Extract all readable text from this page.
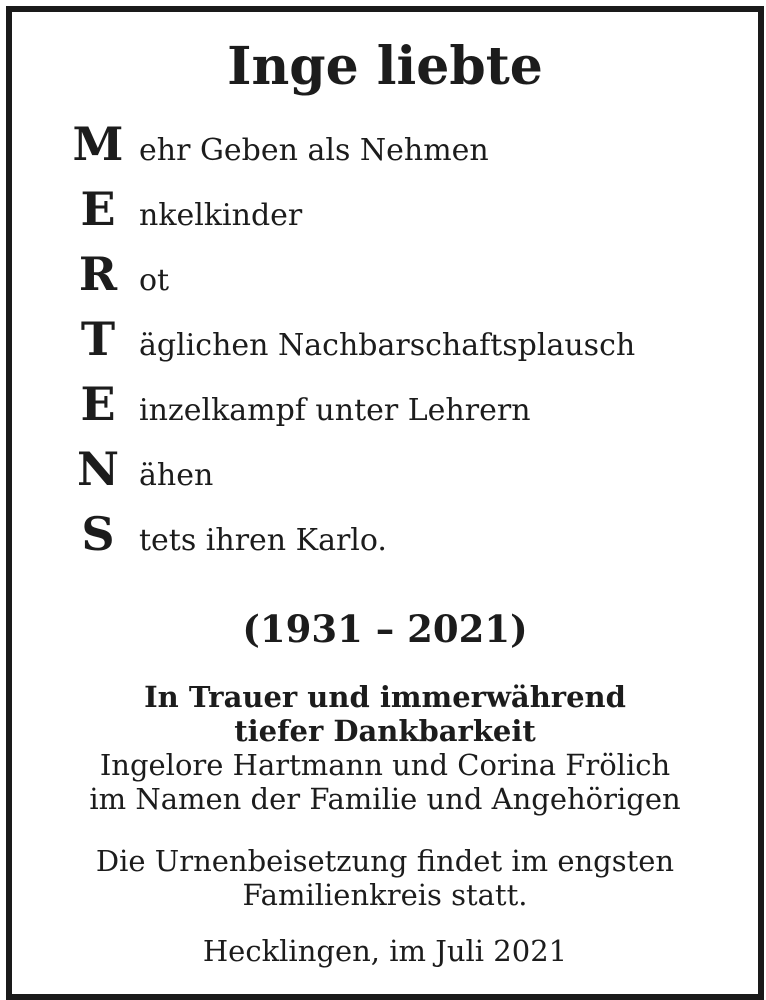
Inge liebte
M ehr Geben als Nehmen
E nkelkinder
R ot
T äglichen Nachbarschaftsplausch
E inzelkampf unter Lehrern
N ähen
S tets ihren Karlo.
(1931 – 2021)
In Trauer und immerwährend
tiefer Dankbarkeit
Ingelore Hartmann und Corina Frölich
im Namen der Familie und Angehörigen
Die Urnenbeisetzung findet im engsten
Familienkreis statt.
Hecklingen, im Juli 2021
